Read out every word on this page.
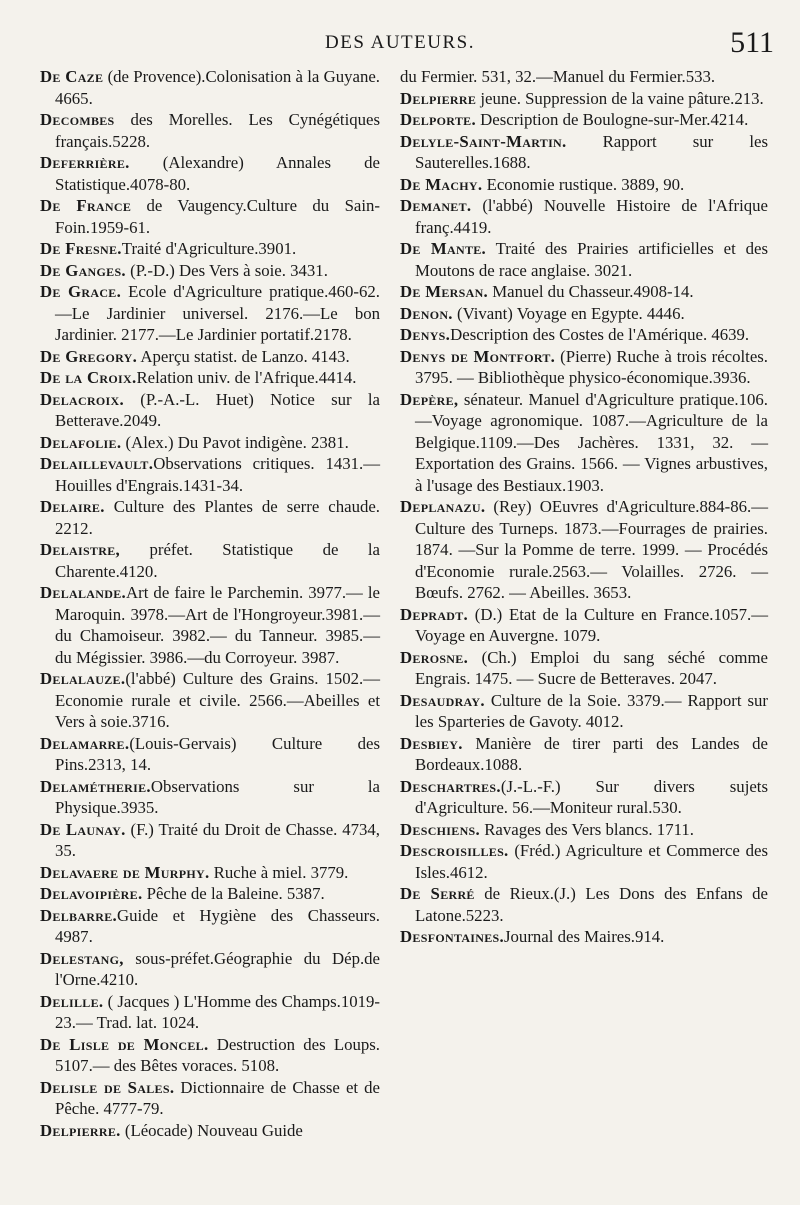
DES AUTEURS.	511

De Caze (de Provence).Colonisation à la Guyane. 4665.

Decombes des Morelles. Les Cynégétiques français.5228.

Deferrière. (Alexandre) Annales de Statistique.4078-80.

De France de Vaugency.Culture du Sain-Foin.1959-61.

De Fresne.Traité d'Agriculture.3901.

De Ganges. (P.-D.) Des Vers à soie. 3431.

De Grace. Ecole d'Agriculture pratique.460-62.—Le Jardinier universel. 2176.—Le bon Jardinier. 2177.—Le Jardinier portatif.2178.

De Gregory. Aperçu statist. de Lanzo. 4143.

De la Croix.Relation univ. de l'Afrique.4414.

Delacroix. (P.-A.-L. Huet) Notice sur la Betterave.2049.

Delafolie. (Alex.) Du Pavot indigène. 2381.

Delaillevault.Observations critiques. 1431.—Houilles d'Engrais.1431-34.

Delaire. Culture des Plantes de serre chaude. 2212.

Delaistre, préfet. Statistique de la Charente.4120.

Delalande.Art de faire le Parchemin. 3977.— le Maroquin. 3978.—Art de l'Hongroyeur.3981.—du Chamoiseur. 3982.— du Tanneur. 3985.— du Mégissier. 3986.—du Corroyeur. 3987.

Delalauze.(l'abbé) Culture des Grains. 1502.— Economie rurale et civile. 2566.—Abeilles et Vers à soie.3716.

Delamarre.(Louis-Gervais) Culture des Pins.2313, 14.

Delamétherie.Observations sur la Physique.3935.

De Launay. (F.) Traité du Droit de Chasse. 4734, 35.

Delavaere de Murphy. Ruche à miel. 3779.

Delavoipière. Pêche de la Baleine. 5387.

Delbarre.Guide et Hygiène des Chasseurs. 4987.

Delestang, sous-préfet.Géographie du Dép.de l'Orne.4210.

Delille. ( Jacques ) L'Homme des Champs.1019-23.— Trad. lat. 1024.

De Lisle de Moncel. Destruction des Loups. 5107.— des Bêtes voraces. 5108.

Delisle de Sales. Dictionnaire de Chasse et de Pêche. 4777-79.

Delpierre. (Léocade) Nouveau Guide

du Fermier. 531, 32.—Manuel du Fermier.533.

Delpierre jeune. Suppression de la vaine pâture.213.

Delporte. Description de Boulogne-sur-Mer.4214.

Delyle-Saint-Martin. Rapport sur les Sauterelles.1688.

De Machy. Economie rustique. 3889, 90.

Demanet. (l'abbé) Nouvelle Histoire de l'Afrique franç.4419.

De Mante. Traité des Prairies artificielles et des Moutons de race anglaise. 3021.

De Mersan. Manuel du Chasseur.4908-14.

Denon. (Vivant) Voyage en Egypte. 4446.

Denys.Description des Costes de l'Amérique. 4639.

Denys de Montfort. (Pierre) Ruche à trois récoltes. 3795. — Bibliothèque physico-économique.3936.

Depère, sénateur. Manuel d'Agriculture pratique.106.—Voyage agronomique. 1087.—Agriculture de la Belgique.1109.—Des Jachères. 1331, 32. — Exportation des Grains. 1566. — Vignes arbustives, à l'usage des Bestiaux.1903.

Deplanazu. (Rey) OEuvres d'Agriculture.884-86.— Culture des Turneps. 1873.—Fourrages de prairies. 1874. —Sur la Pomme de terre. 1999. — Procédés d'Economie rurale.2563.— Volailles. 2726. — Bœufs. 2762. — Abeilles. 3653.

Depradt. (D.) Etat de la Culture en France.1057.—Voyage en Auvergne. 1079.

Derosne. (Ch.) Emploi du sang séché comme Engrais. 1475. — Sucre de Betteraves. 2047.

Desaudray. Culture de la Soie. 3379.— Rapport sur les Sparteries de Gavoty. 4012.

Desbiey. Manière de tirer parti des Landes de Bordeaux.1088.

Deschartres.(J.-L.-F.) Sur divers sujets d'Agriculture. 56.—Moniteur rural.530.

Deschiens. Ravages des Vers blancs. 1711.

Descroisilles. (Fréd.) Agriculture et Commerce des Isles.4612.

De Serré de Rieux.(J.) Les Dons des Enfans de Latone.5223.

Desfontaines.Journal des Maires.914.
